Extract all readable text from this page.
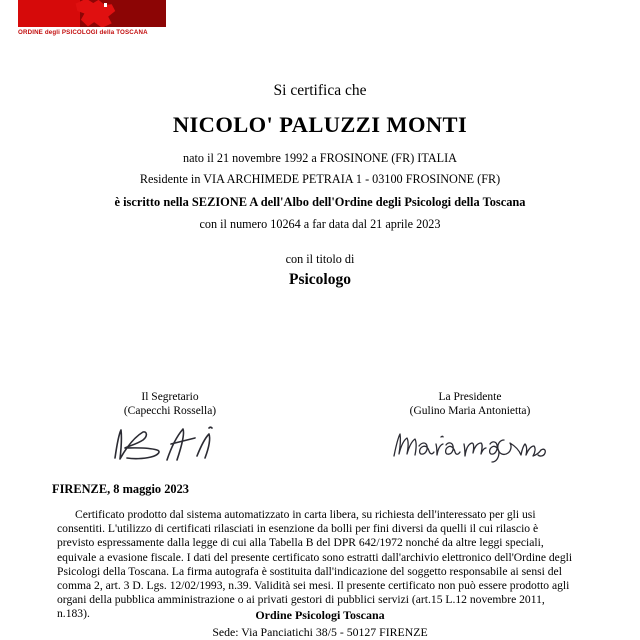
ORDINE degli PSICOLOGI della TOSCANA
Si certifica che
NICOLO' PALUZZI MONTI
nato il 21 novembre 1992 a FROSINONE (FR) ITALIA
Residente in VIA ARCHIMEDE PETRAIA 1 - 03100 FROSINONE (FR)
è iscritto nella SEZIONE A dell'Albo dell'Ordine degli Psicologi della Toscana
con il numero 10264 a far data dal 21 aprile 2023
con il titolo di
Psicologo
Il Segretario
(Capecchi Rossella)
La Presidente
(Gulino Maria Antonietta)
FIRENZE, 8 maggio 2023
Certificato prodotto dal sistema automatizzato in carta libera, su richiesta dell'interessato per gli usi consentiti. L'utilizzo di certificati rilasciati in esenzione da bolli per fini diversi da quelli il cui rilascio è previsto espressamente dalla legge di cui alla Tabella B del DPR 642/1972 nonché da altre leggi speciali, equivale a evasione fiscale. I dati del presente certificato sono estratti dall'archivio elettronico dell'Ordine degli Psicologi della Toscana. La firma autografa è sostituita dall'indicazione del soggetto responsabile ai sensi del comma 2, art. 3 D. Lgs. 12/02/1993, n.39. Validità sei mesi. Il presente certificato non può essere prodotto agli organi della pubblica amministrazione o ai privati gestori di pubblici servizi (art.15 L.12 novembre 2011, n.183).	Ordine Psicologi Toscana
Sede: Via Panciatichi 38/5 - 50127 FIRENZE
